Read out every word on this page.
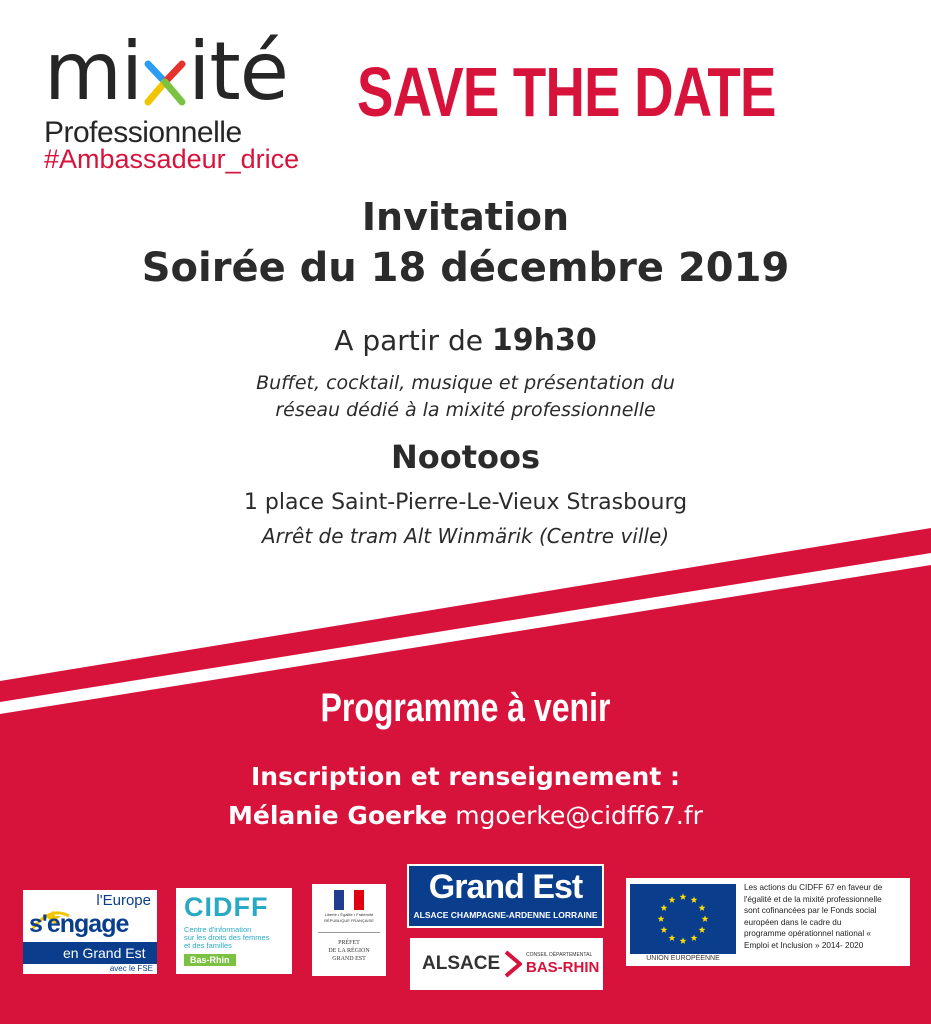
mi ité
Professionnelle
#Ambassadeur_drice
SAVE THE DATE
Invitation
Soirée du 18 décembre 2019
A partir de 19h30
Buffet, cocktail, musique et présentation du
réseau dédié à la mixité professionnelle
Nootoos
1 place Saint-Pierre-Le-Vieux Strasbourg
Arrêt de tram Alt Winmärik (Centre ville)
Programme à venir
Inscription et renseignement :
Mélanie Goerke mgoerke@cidff67.fr
l'Europe
s'engage
en Grand Est
avec le FSE
CIDFF
Centre d'information
sur les droits des femmes
et des familles
Bas-Rhin
Liberté • Égalité • Fraternité
RÉPUBLIQUE FRANÇAISE
PRÉFET
DE LA RÉGION
GRAND EST
Grand Est
ALSACE CHAMPAGNE-ARDENNE LORRAINE
ALSACE	CONSEIL DÉPARTEMENTAL
BAS-RHIN
UNION EUROPÉENNE
Les actions du CIDFF 67 en faveur de
l'égalité et de la mixité professionnelle
sont cofinancées par le Fonds social
européen dans le cadre du
programme opérationnel national «
Emploi et Inclusion » 2014- 2020
